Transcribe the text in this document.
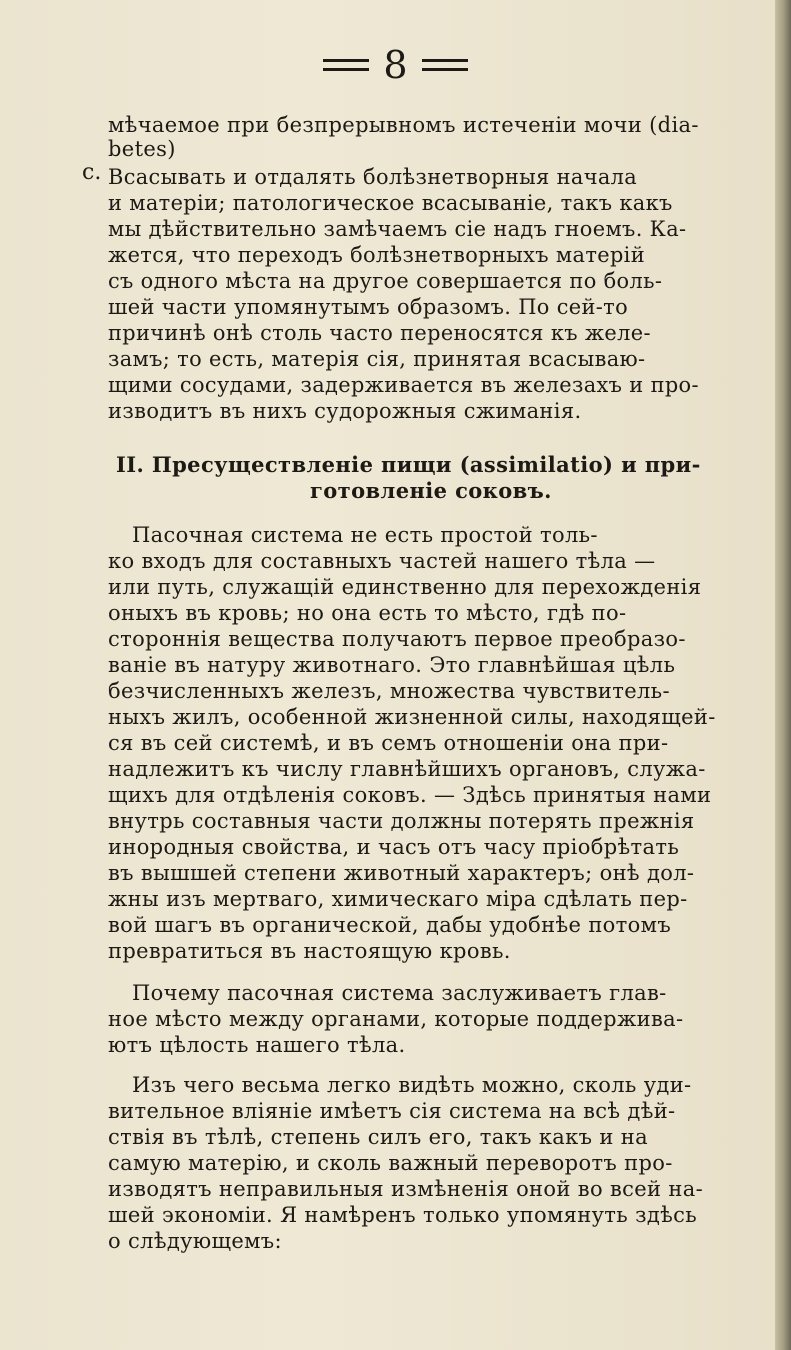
8
мѣчаемое при безпрерывномъ истеченіи мочи (dia-
betes)
c. Всасывать и отдалять болѣзнетворныя начала
и матеріи; патологическое всасываніе, такъ какъ
мы дѣйствительно замѣчаемъ сіе надъ гноемъ. Ка-
жется, что переходъ болѣзнетворныхъ матерій
съ одного мѣста на другое совершается по боль-
шей части упомянутымъ образомъ. По сей-то
причинѣ онѣ столь часто переносятся къ желе-
замъ; то есть, матерія сія, принятая всасываю-
щими сосудами, задерживается въ железахъ и про-
изводитъ въ нихъ судорожныя сжиманія.
II. Пресуществленіе пищи (assimilatio) и при-
готовленіе соковъ.
Пасочная система не есть простой толь-
ко входъ для составныхъ частей нашего тѣла —
или путь, служащій единственно для перехожденія
оныхъ въ кровь; но она есть то мѣсто, гдѣ по-
стороннія вещества получаютъ первое преобразо-
ваніе въ натуру животнаго. Это главнѣйшая цѣль
безчисленныхъ железъ, множества чувствитель-
ныхъ жилъ, особенной жизненной силы, находящей-
ся въ сей системѣ, и въ семъ отношеніи она при-
надлежитъ къ числу главнѣйшихъ органовъ, служа-
щихъ для отдѣленія соковъ. — Здѣсь принятыя нами
внутрь составныя части должны потерять прежнія
инородныя свойства, и часъ отъ часу пріобрѣтать
въ вышшей степени животный характеръ; онѣ дол-
жны изъ мертваго, химическаго міра сдѣлать пер-
вой шагъ въ органической, дабы удобнѣе потомъ
превратиться въ настоящую кровь.
Почему пасочная система заслуживаетъ глав-
ное мѣсто между органами, которые поддержива-
ютъ цѣлость нашего тѣла.
Изъ чего весьма легко видѣть можно, сколь уди-
вительное вліяніе имѣетъ сія система на всѣ дѣй-
ствія въ тѣлѣ, степень силъ его, такъ какъ и на
самую матерію, и сколь важный переворотъ про-
изводятъ неправильныя измѣненія оной во всей на-
шей экономіи. Я намѣренъ только упомянуть здѣсь
о слѣдующемъ:
